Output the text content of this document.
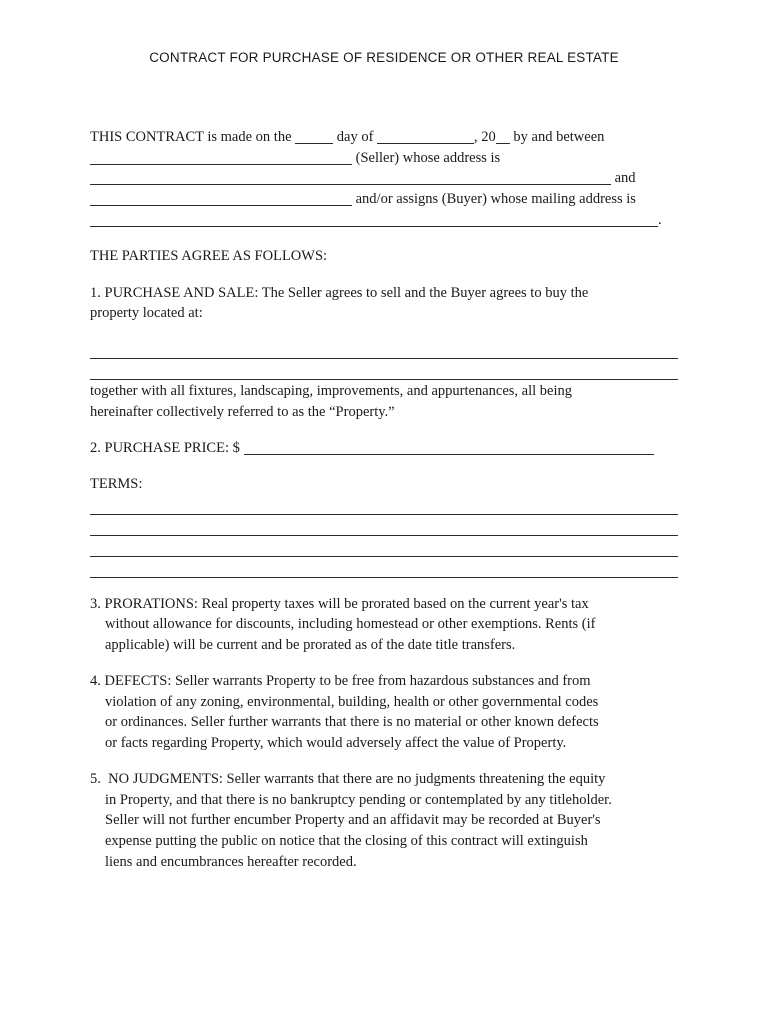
CONTRACT FOR PURCHASE OF RESIDENCE OR OTHER REAL ESTATE
THIS CONTRACT is made on the	day of	, 20 by and between
(Seller) whose address is
and
and/or assigns (Buyer) whose mailing address is
.
THE PARTIES AGREE AS FOLLOWS:
1. PURCHASE AND SALE: The Seller agrees to sell and the Buyer agrees to buy the
property located at:
together with all fixtures, landscaping, improvements, and appurtenances, all being
hereinafter collectively referred to as the “Property.”
2. PURCHASE PRICE: $
TERMS:
3. PRORATIONS: Real property taxes will be prorated based on the current year's tax
without allowance for discounts, including homestead or other exemptions. Rents (if
applicable) will be current and be prorated as of the date title transfers.
4. DEFECTS: Seller warrants Property to be free from hazardous substances and from
violation of any zoning, environmental, building, health or other governmental codes
or ordinances. Seller further warrants that there is no material or other known defects
or facts regarding Property, which would adversely affect the value of Property.
5.  NO JUDGMENTS: Seller warrants that there are no judgments threatening the equity
in Property, and that there is no bankruptcy pending or contemplated by any titleholder.
Seller will not further encumber Property and an affidavit may be recorded at Buyer's
expense putting the public on notice that the closing of this contract will extinguish
liens and encumbrances hereafter recorded.
